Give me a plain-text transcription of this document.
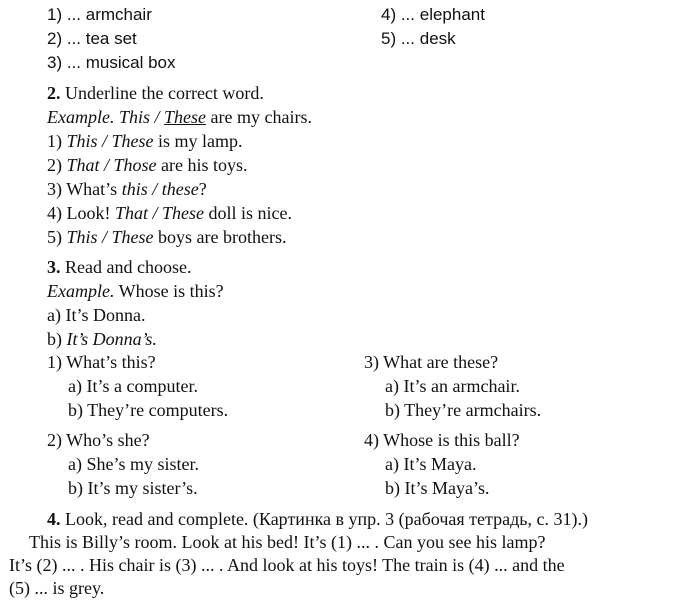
1) ... armchair
2) ... tea set
3) ... musical box
4) ... elephant
5) ... desk
2. Underline the correct word.
Example. This / These are my chairs.
1) This / These is my lamp.
2) That / Those are his toys.
3) What’s this / these?
4) Look! That / These doll is nice.
5) This / These boys are brothers.
3. Read and choose.
Example. Whose is this?
a) It’s Donna.
b) It’s Donna’s.
1) What’s this?
a) It’s a computer.
b) They’re computers.
3) What are these?
a) It’s an armchair.
b) They’re armchairs.
2) Who’s she?
a) She’s my sister.
b) It’s my sister’s.
4) Whose is this ball?
a) It’s Maya.
b) It’s Maya’s.
4. Look, read and complete. (Картинка в упр. 3 (рабочая тетрадь, с. 31).)
This is Billy’s room. Look at his bed! It’s (1) ... . Can you see his lamp?
It’s (2) ... . His chair is (3) ... . And look at his toys! The train is (4) ... and the
(5) ... is grey.
